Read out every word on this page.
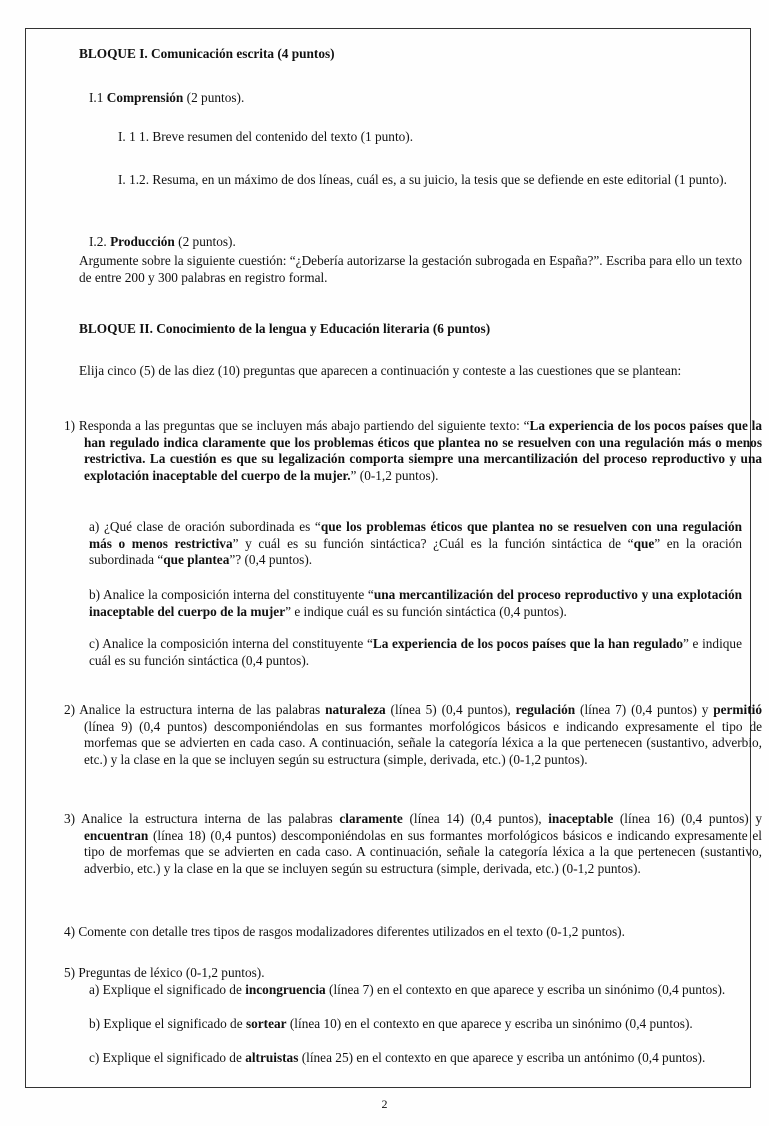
BLOQUE I. Comunicación escrita (4 puntos)
I.1 Comprensión (2 puntos).
I. 1 1. Breve resumen del contenido del texto (1 punto).
I. 1.2. Resuma, en un máximo de dos líneas, cuál es, a su juicio, la tesis que se defiende en este editorial (1 punto).
I.2. Producción (2 puntos).
Argumente sobre la siguiente cuestión: “¿Debería autorizarse la gestación subrogada en España?”. Escriba para ello un texto de entre 200 y 300 palabras en registro formal.
BLOQUE II. Conocimiento de la lengua y Educación literaria (6 puntos)
Elija cinco (5) de las diez (10) preguntas que aparecen a continuación y conteste a las cuestiones que se plantean:
1) Responda a las preguntas que se incluyen más abajo partiendo del siguiente texto: “La experiencia de los pocos países que la han regulado indica claramente que los problemas éticos que plantea no se resuelven con una regulación más o menos restrictiva. La cuestión es que su legalización comporta siempre una mercantilización del proceso reproductivo y una explotación inaceptable del cuerpo de la mujer.” (0-1,2 puntos).
a) ¿Qué clase de oración subordinada es “que los problemas éticos que plantea no se resuelven con una regulación más o menos restrictiva” y cuál es su función sintáctica? ¿Cuál es la función sintáctica de “que” en la oración subordinada “que plantea”? (0,4 puntos).
b) Analice la composición interna del constituyente “una mercantilización del proceso reproductivo y una explotación inaceptable del cuerpo de la mujer” e indique cuál es su función sintáctica (0,4 puntos).
c) Analice la composición interna del constituyente “La experiencia de los pocos países que la han regulado” e indique cuál es su función sintáctica (0,4 puntos).
2) Analice la estructura interna de las palabras naturaleza (línea 5) (0,4 puntos), regulación (línea 7) (0,4 puntos) y permitió (línea 9) (0,4 puntos) descomponiéndolas en sus formantes morfológicos básicos e indicando expresamente el tipo de morfemas que se advierten en cada caso. A continuación, señale la categoría léxica a la que pertenecen (sustantivo, adverbio, etc.) y la clase en la que se incluyen según su estructura (simple, derivada, etc.) (0-1,2 puntos).
3) Analice la estructura interna de las palabras claramente (línea 14) (0,4 puntos), inaceptable (línea 16) (0,4 puntos) y encuentran (línea 18) (0,4 puntos) descomponiéndolas en sus formantes morfológicos básicos e indicando expresamente el tipo de morfemas que se advierten en cada caso. A continuación, señale la categoría léxica a la que pertenecen (sustantivo, adverbio, etc.) y la clase en la que se incluyen según su estructura (simple, derivada, etc.) (0-1,2 puntos).
4) Comente con detalle tres tipos de rasgos modalizadores diferentes utilizados en el texto (0-1,2 puntos).
5) Preguntas de léxico (0-1,2 puntos).
a) Explique el significado de incongruencia (línea 7) en el contexto en que aparece y escriba un sinónimo (0,4 puntos).
b) Explique el significado de sortear (línea 10) en el contexto en que aparece y escriba un sinónimo (0,4 puntos).
c) Explique el significado de altruistas (línea 25) en el contexto en que aparece y escriba un antónimo (0,4 puntos).
2
